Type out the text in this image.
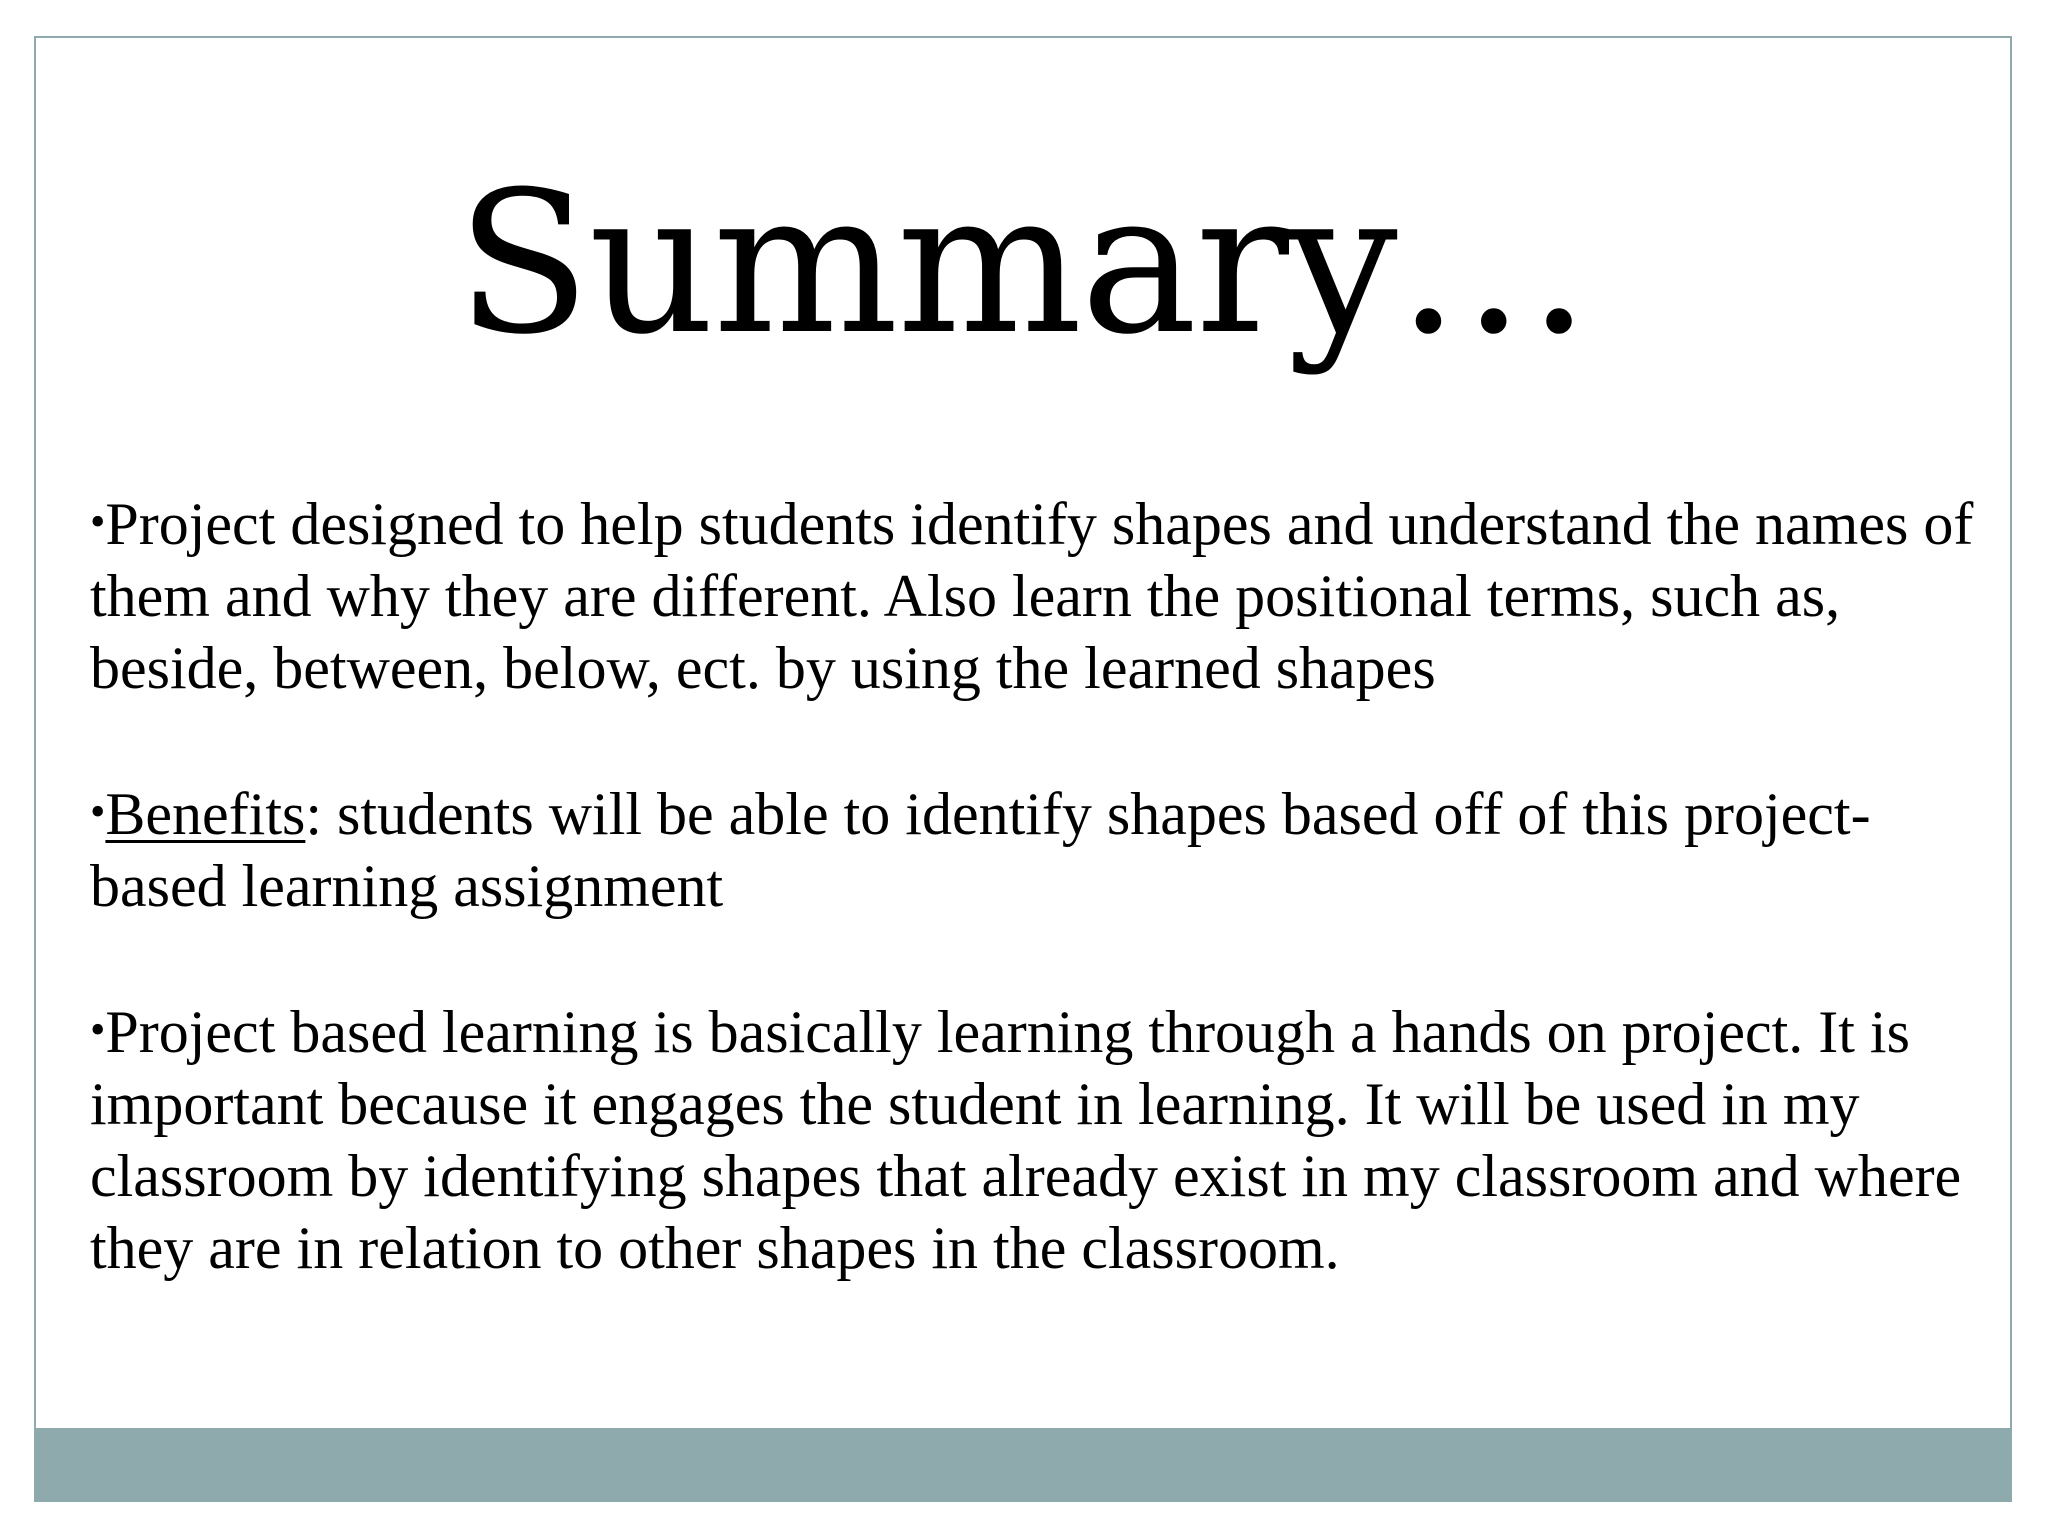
Summary…

•Project designed to help students identify shapes and understand the names of them and why they are different. Also learn the positional terms, such as, beside, between, below, ect. by using the learned shapes

•Benefits: students will be able to identify shapes based off of this project-based learning assignment

•Project based learning is basically learning through a hands on project. It is important because it engages the student in learning. It will be used in my classroom by identifying shapes that already exist in my classroom and where they are in relation to other shapes in the classroom.
